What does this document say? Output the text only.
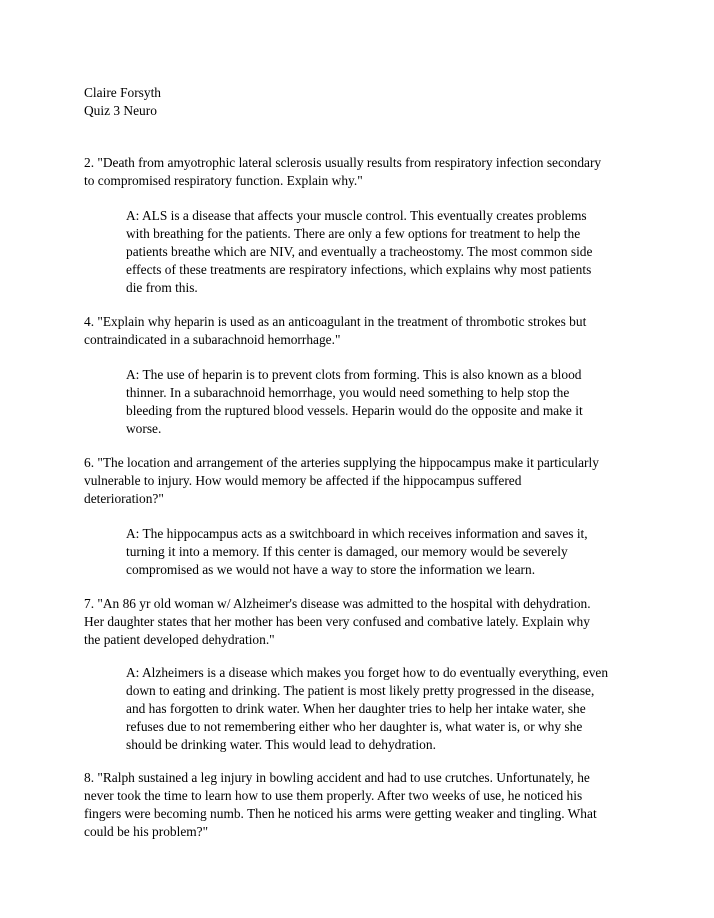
Claire Forsyth
Quiz 3 Neuro
2. "Death from amyotrophic lateral sclerosis usually results from respiratory infection secondary
to compromised respiratory function. Explain why."
A: ALS is a disease that affects your muscle control. This eventually creates problems
with breathing for the patients. There are only a few options for treatment to help the
patients breathe which are NIV, and eventually a tracheostomy. The most common side
effects of these treatments are respiratory infections, which explains why most patients
die from this.
4. "Explain why heparin is used as an anticoagulant in the treatment of thrombotic strokes but
contraindicated in a subarachnoid hemorrhage."
A: The use of heparin is to prevent clots from forming. This is also known as a blood
thinner. In a subarachnoid hemorrhage, you would need something to help stop the
bleeding from the ruptured blood vessels. Heparin would do the opposite and make it
worse.
6. "The location and arrangement of the arteries supplying the hippocampus make it particularly
vulnerable to injury. How would memory be affected if the hippocampus suffered
deterioration?"
A: The hippocampus acts as a switchboard in which receives information and saves it,
turning it into a memory. If this center is damaged, our memory would be severely
compromised as we would not have a way to store the information we learn.
7. "An 86 yr old woman w/ Alzheimer's disease was admitted to the hospital with dehydration.
Her daughter states that her mother has been very confused and combative lately. Explain why
the patient developed dehydration."
A: Alzheimers is a disease which makes you forget how to do eventually everything, even
down to eating and drinking. The patient is most likely pretty progressed in the disease,
and has forgotten to drink water. When her daughter tries to help her intake water, she
refuses due to not remembering either who her daughter is, what water is, or why she
should be drinking water. This would lead to dehydration.
8. "Ralph sustained a leg injury in bowling accident and had to use crutches. Unfortunately, he
never took the time to learn how to use them properly. After two weeks of use, he noticed his
fingers were becoming numb. Then he noticed his arms were getting weaker and tingling. What
could be his problem?"
